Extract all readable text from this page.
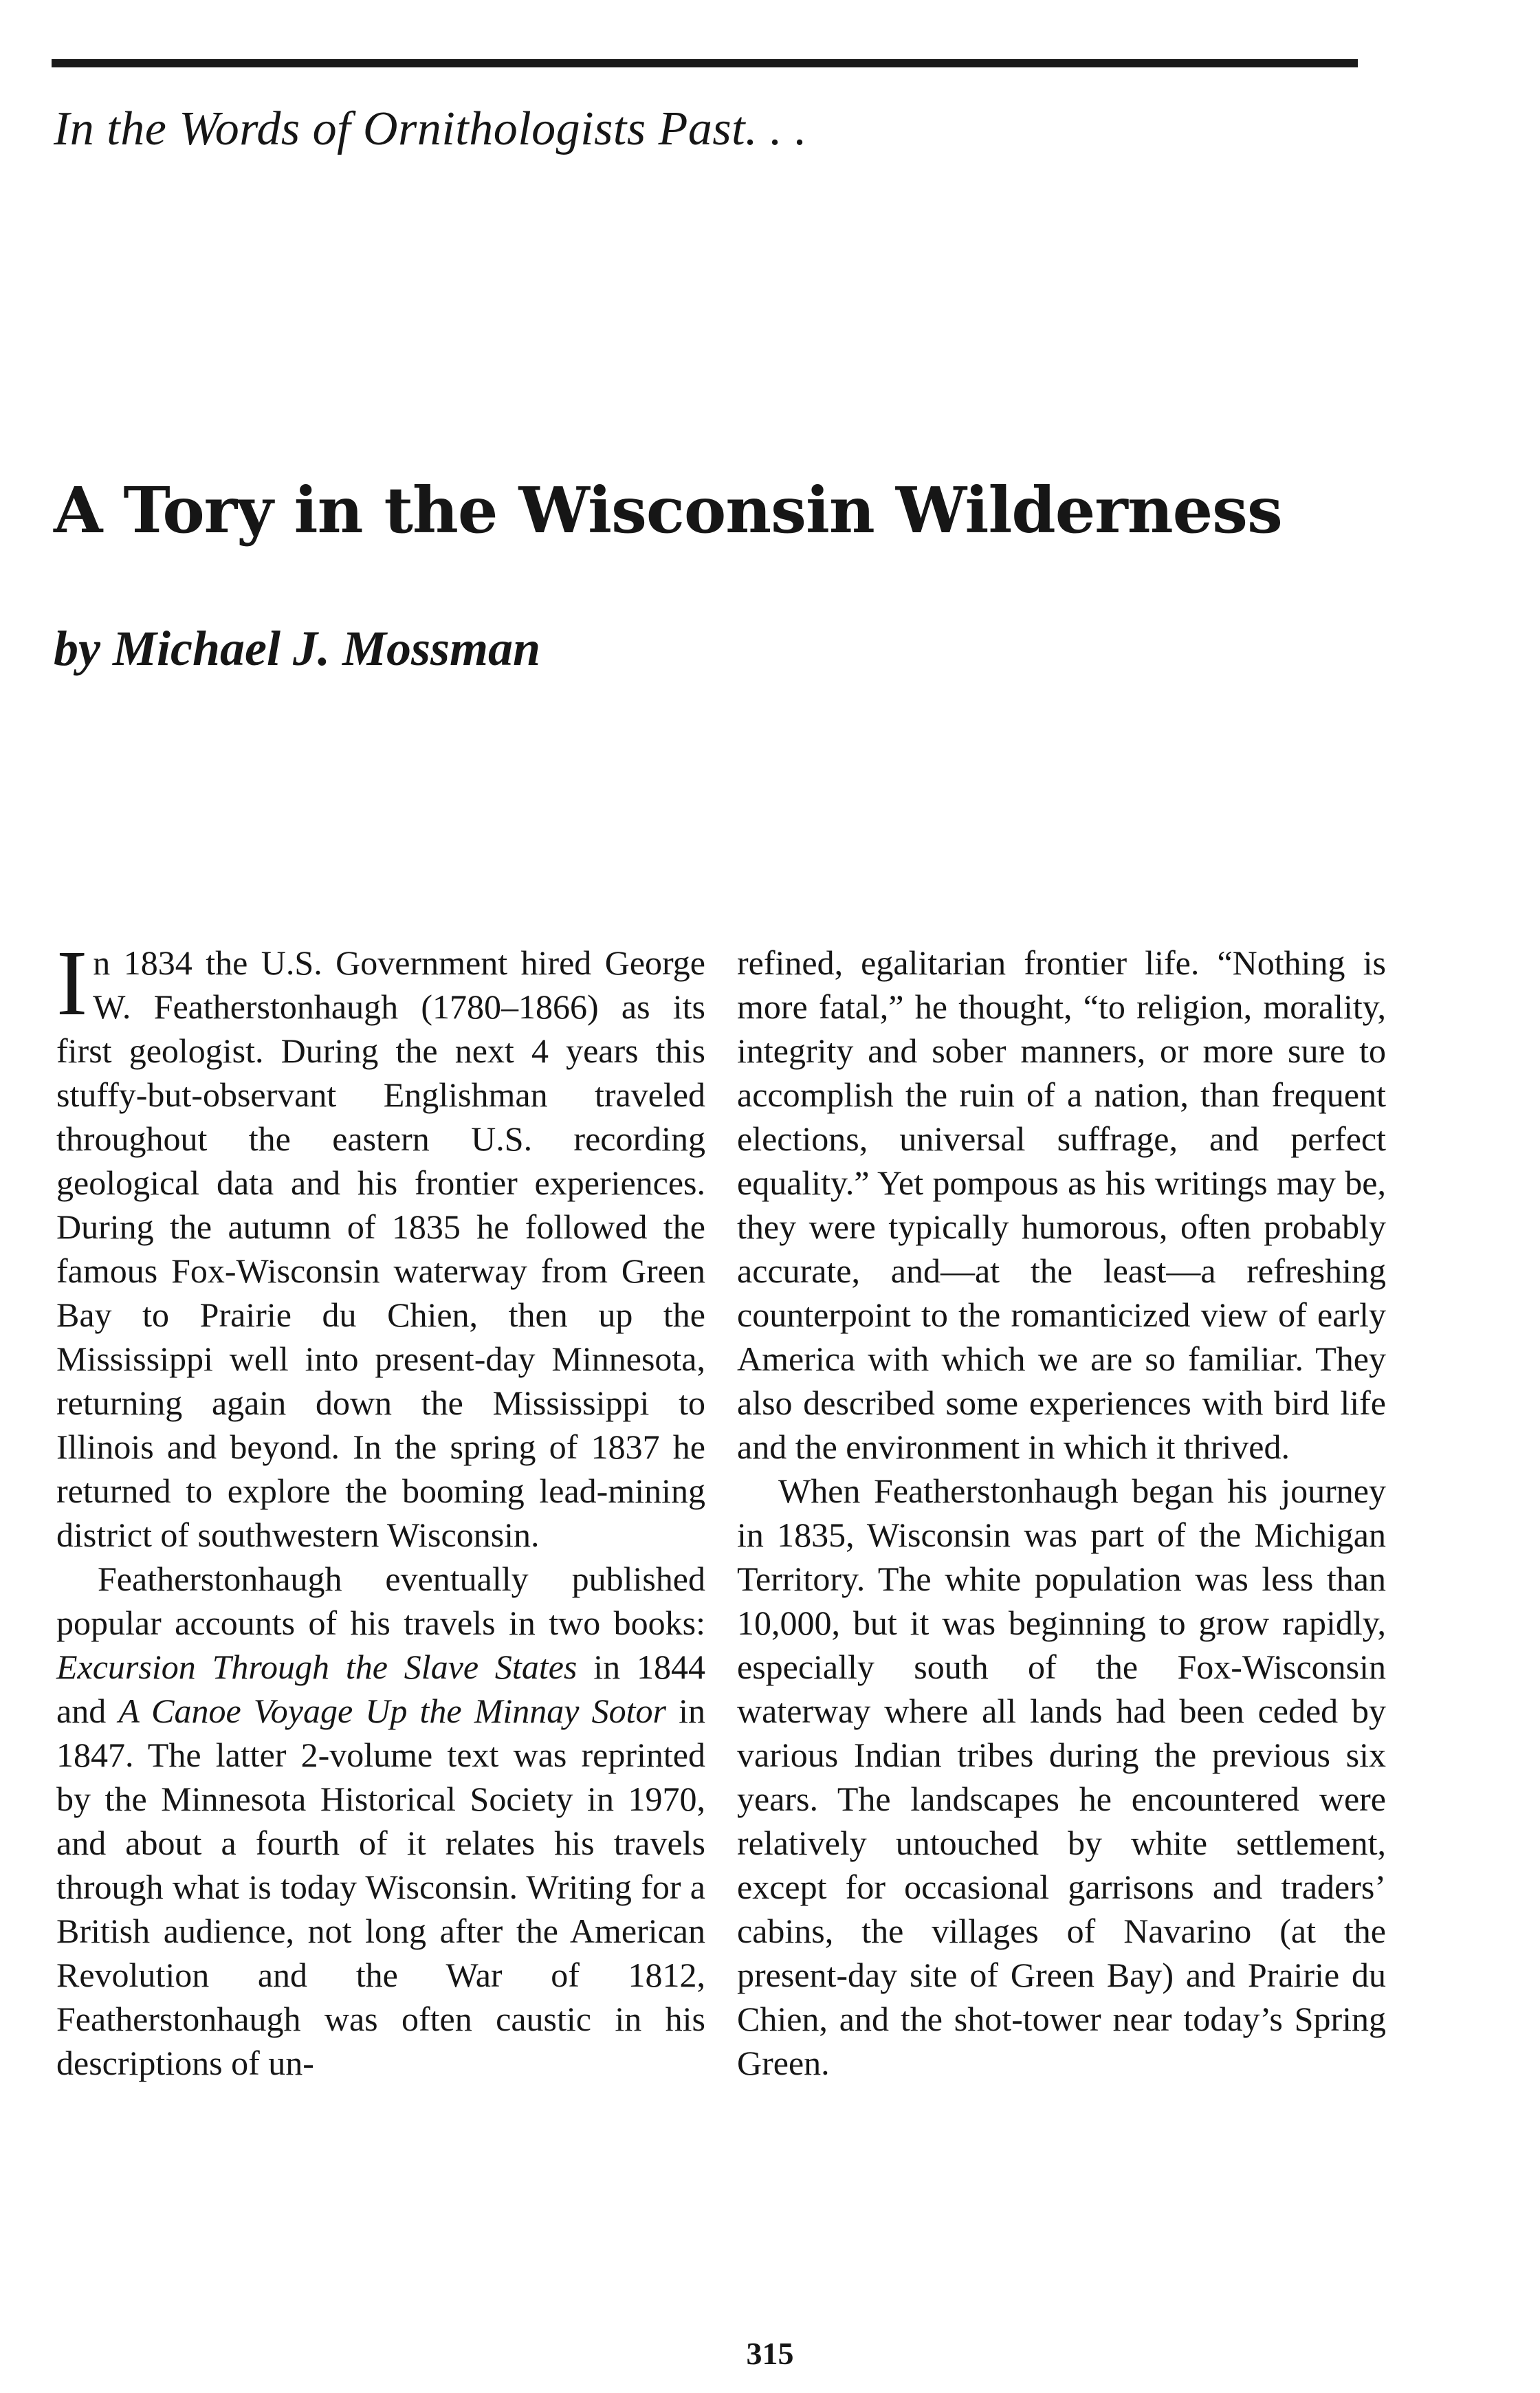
In the Words of Ornithologists Past. . .
A Tory in the Wisconsin Wilderness
by Michael J. Mossman

In 1834 the U.S. Government hired George W. Featherstonhaugh (1780–1866) as its first geologist. During the next 4 years this stuffy-but-observant Englishman traveled throughout the eastern U.S. recording geological data and his frontier experiences. During the autumn of 1835 he followed the famous Fox-Wisconsin waterway from Green Bay to Prairie du Chien, then up the Mississippi well into present-day Minnesota, returning again down the Mississippi to Illinois and beyond. In the spring of 1837 he returned to explore the booming lead-mining district of southwestern Wisconsin.

Featherstonhaugh eventually published popular accounts of his travels in two books: Excursion Through the Slave States in 1844 and A Canoe Voyage Up the Minnay Sotor in 1847. The latter 2-volume text was reprinted by the Minnesota Historical Society in 1970, and about a fourth of it relates his travels through what is today Wisconsin. Writing for a British audience, not long after the American Revolution and the War of 1812, Featherstonhaugh was often caustic in his descriptions of un-

refined, egalitarian frontier life. “Nothing is more fatal,” he thought, “to religion, morality, integrity and sober manners, or more sure to accomplish the ruin of a nation, than frequent elections, universal suffrage, and perfect equality.” Yet pompous as his writings may be, they were typically humorous, often probably accurate, and—at the least—a refreshing counterpoint to the romanticized view of early America with which we are so familiar. They also described some experiences with bird life and the environment in which it thrived.

When Featherstonhaugh began his journey in 1835, Wisconsin was part of the Michigan Territory. The white population was less than 10,000, but it was beginning to grow rapidly, especially south of the Fox-Wisconsin waterway where all lands had been ceded by various Indian tribes during the previous six years. The landscapes he encountered were relatively untouched by white settlement, except for occasional garrisons and traders’ cabins, the villages of Navarino (at the present-day site of Green Bay) and Prairie du Chien, and the shot-tower near today’s Spring Green.

315
